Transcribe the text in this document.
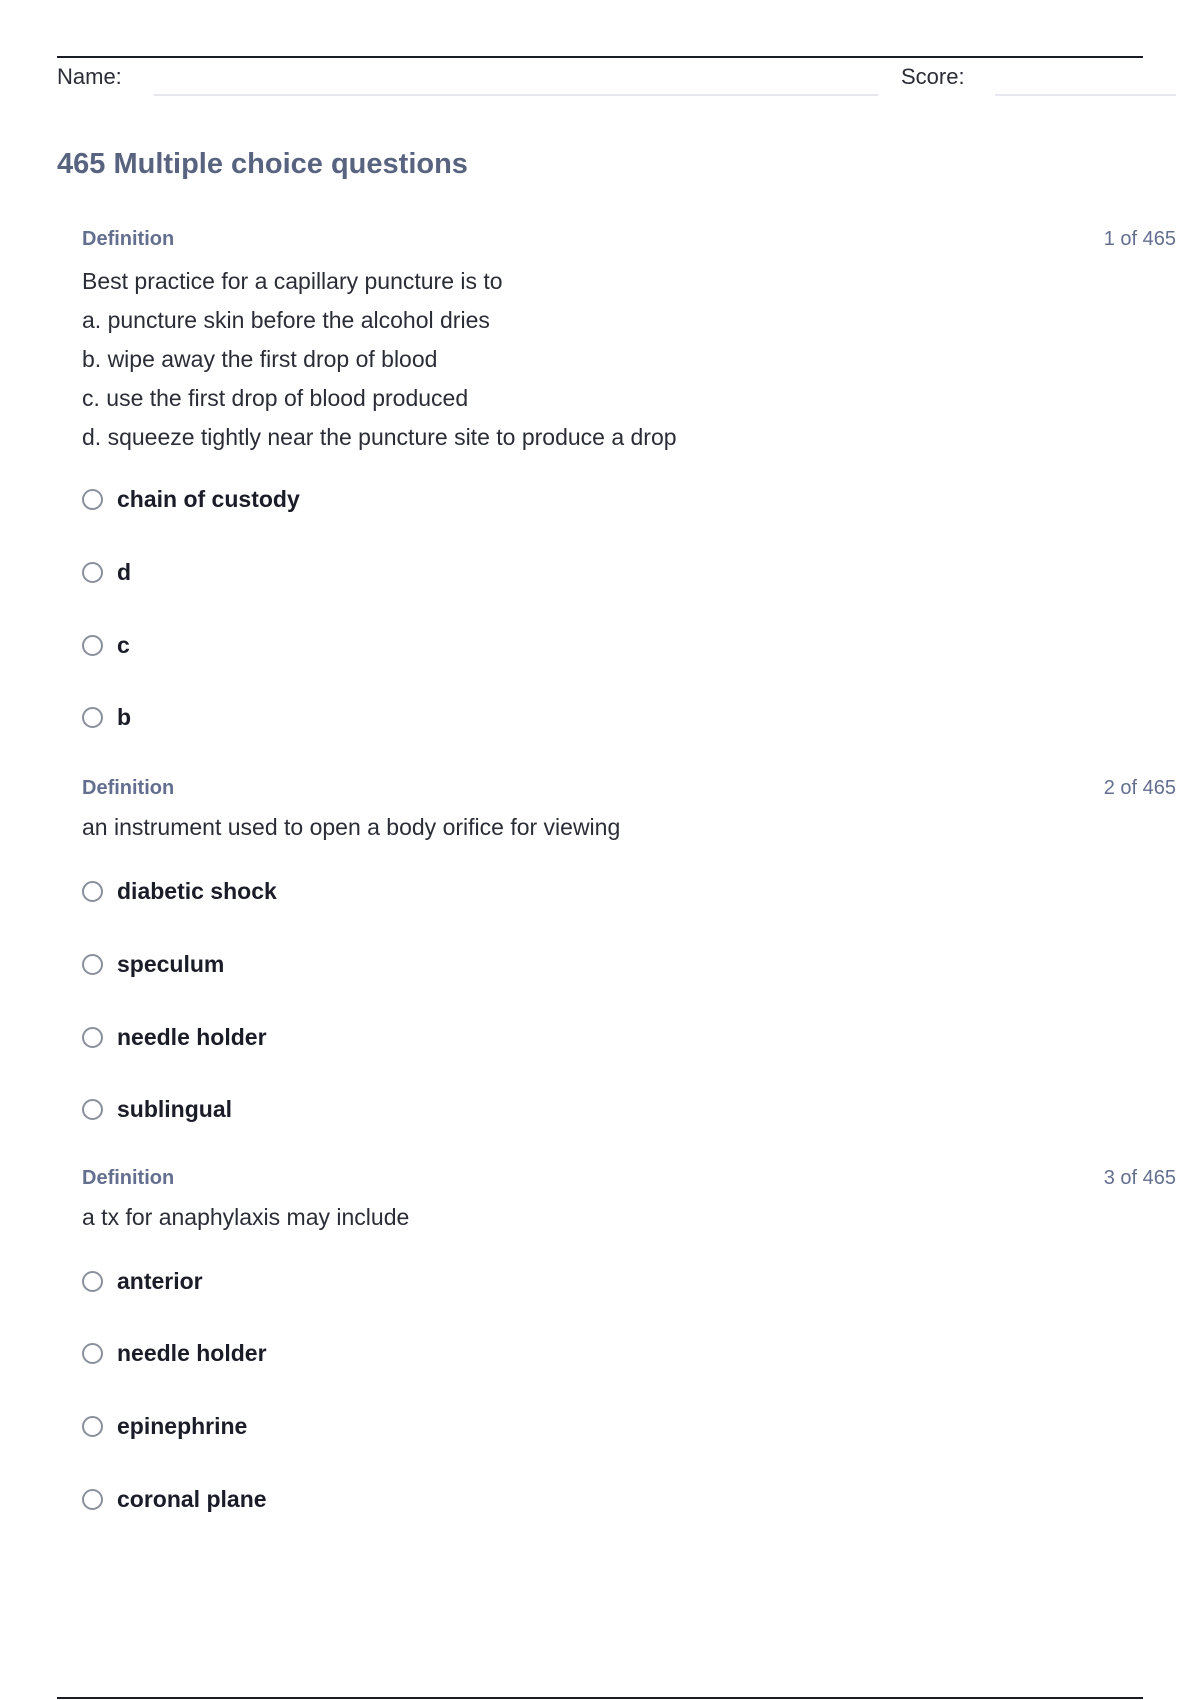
Name:	Score:
465 Multiple choice questions
Definition	1 of 465
Best practice for a capillary puncture is to
a. puncture skin before the alcohol dries
b. wipe away the first drop of blood
c. use the first drop of blood produced
d. squeeze tightly near the puncture site to produce a drop
chain of custody
d
c
b
Definition	2 of 465
an instrument used to open a body orifice for viewing
diabetic shock
speculum
needle holder
sublingual
Definition	3 of 465
a tx for anaphylaxis may include
anterior
needle holder
epinephrine
coronal plane
